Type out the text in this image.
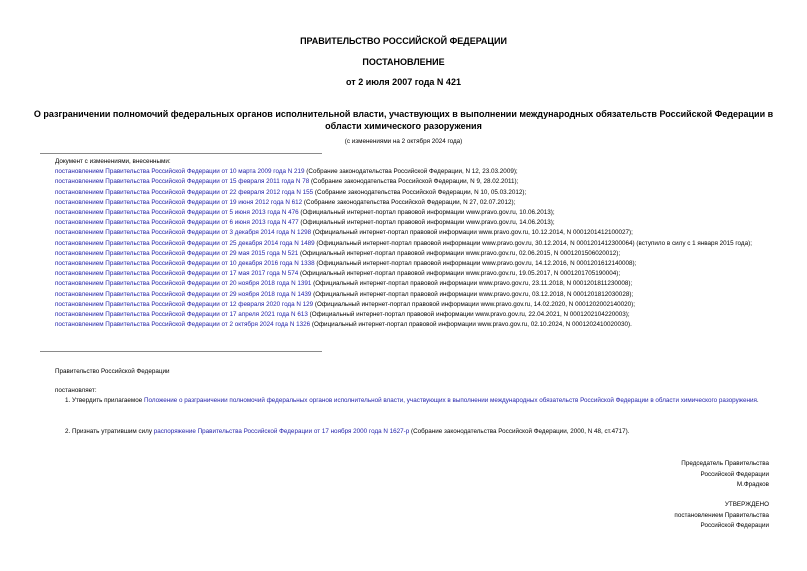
ПРАВИТЕЛЬСТВО РОССИЙСКОЙ ФЕДЕРАЦИИ
ПОСТАНОВЛЕНИЕ
от 2 июля 2007 года N 421
О разграничении полномочий федеральных органов исполнительной власти, участвующих в выполнении международных обязательств Российской Федерации в области химического разоружения
(с изменениями на 2 октября 2024 года)
Документ с изменениями, внесенными:
постановлением Правительства Российской Федерации от 10 марта 2009 года N 219 (Собрание законодательства Российской Федерации, N 12, 23.03.2009);
постановлением Правительства Российской Федерации от 15 февраля 2011 года N 78 (Собрание законодательства Российской Федерации, N 9, 28.02.2011);
постановлением Правительства Российской Федерации от 22 февраля 2012 года N 155 (Собрание законодательства Российской Федерации, N 10, 05.03.2012);
постановлением Правительства Российской Федерации от 19 июня 2012 года N 612 (Собрание законодательства Российской Федерации, N 27, 02.07.2012);
постановлением Правительства Российской Федерации от 5 июня 2013 года N 476 (Официальный интернет-портал правовой информации www.pravo.gov.ru, 10.06.2013);
постановлением Правительства Российской Федерации от 6 июня 2013 года N 477 (Официальный интернет-портал правовой информации www.pravo.gov.ru, 14.06.2013);
постановлением Правительства Российской Федерации от 3 декабря 2014 года N 1298 (Официальный интернет-портал правовой информации www.pravo.gov.ru, 10.12.2014, N 0001201412100027);
постановлением Правительства Российской Федерации от 25 декабря 2014 года N 1489 (Официальный интернет-портал правовой информации www.pravo.gov.ru, 30.12.2014, N 0001201412300064) (вступило в силу с 1 января 2015 года);
постановлением Правительства Российской Федерации от 29 мая 2015 года N 521 (Официальный интернет-портал правовой информации www.pravo.gov.ru, 02.06.2015, N 0001201506020012);
постановлением Правительства Российской Федерации от 10 декабря 2016 года N 1338 (Официальный интернет-портал правовой информации www.pravo.gov.ru, 14.12.2016, N 0001201612140008);
постановлением Правительства Российской Федерации от 17 мая 2017 года N 574 (Официальный интернет-портал правовой информации www.pravo.gov.ru, 19.05.2017, N 0001201705190004);
постановлением Правительства Российской Федерации от 20 ноября 2018 года N 1391 (Официальный интернет-портал правовой информации www.pravo.gov.ru, 23.11.2018, N 0001201811230008);
постановлением Правительства Российской Федерации от 29 ноября 2018 года N 1439 (Официальный интернет-портал правовой информации www.pravo.gov.ru, 03.12.2018, N 0001201812030028);
постановлением Правительства Российской Федерации от 12 февраля 2020 года N 129 (Официальный интернет-портал правовой информации www.pravo.gov.ru, 14.02.2020, N 0001202002140020);
постановлением Правительства Российской Федерации от 17 апреля 2021 года N 613 (Официальный интернет-портал правовой информации www.pravo.gov.ru, 22.04.2021, N 0001202104220003);
постановлением Правительства Российской Федерации от 2 октября 2024 года N 1326 (Официальный интернет-портал правовой информации www.pravo.gov.ru, 02.10.2024, N 0001202410020030).
Правительство Российской Федерации
постановляет:
1. Утвердить прилагаемое Положение о разграничении полномочий федеральных органов исполнительной власти, участвующих в выполнении международных обязательств Российской Федерации в области химического разоружения.
2. Признать утратившим силу распоряжение Правительства Российской Федерации от 17 ноября 2000 года N 1627-р (Собрание законодательства Российской Федерации, 2000, N 48, ст.4717).
Председатель Правительства
Российской Федерации
М.Фрадков
УТВЕРЖДЕНО
постановлением Правительства
Российской Федерации
